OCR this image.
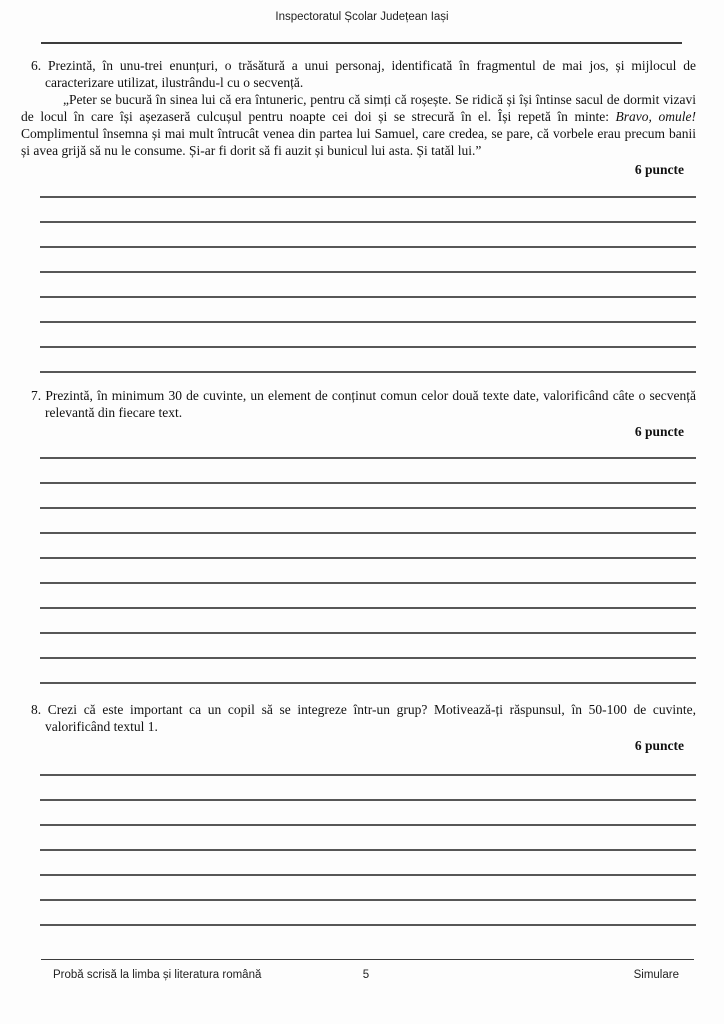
Inspectoratul Școlar Județean Iași

6. Prezintă, în unu-trei enunțuri, o trăsătură a unui personaj, identificată în fragmentul de mai jos, și mijlocul de caracterizare utilizat, ilustrându-l cu o secvență.

„Peter se bucură în sinea lui că era întuneric, pentru că simți că roșește. Se ridică și își întinse sacul de dormit vizavi de locul în care își așezaseră culcușul pentru noapte cei doi și se strecură în el. Își repetă în minte: Bravo, omule! Complimentul însemna și mai mult întrucât venea din partea lui Samuel, care credea, se pare, că vorbele erau precum banii și avea grijă să nu le consume. Și-ar fi dorit să fi auzit și bunicul lui asta. Și tatăl lui.”

6 puncte

7. Prezintă, în minimum 30 de cuvinte, un element de conținut comun celor două texte date, valorificând câte o secvență relevantă din fiecare text.

6 puncte

8. Crezi că este important ca un copil să se integreze într-un grup? Motivează-ți răspunsul, în 50-100 de cuvinte, valorificând textul 1.

6 puncte

Probă scrisă la limba și literatura română	5	Simulare
